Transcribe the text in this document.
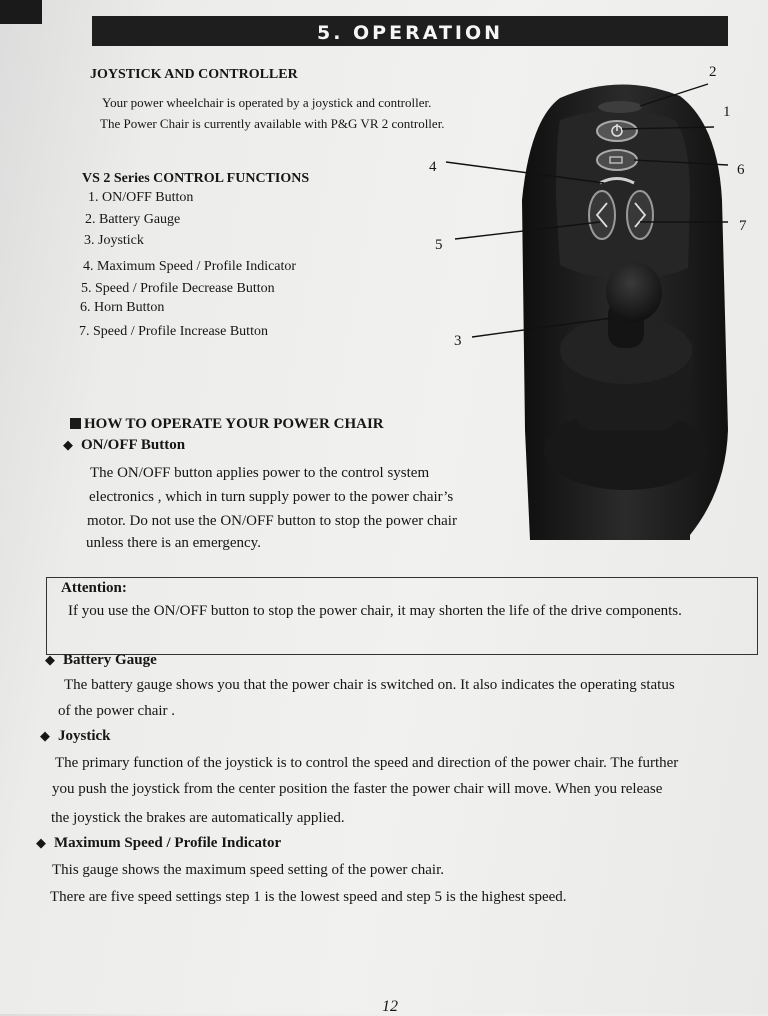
5. OPERATION
JOYSTICK AND CONTROLLER
Your power wheelchair is operated by a joystick and controller.
The Power Chair is currently available with P&G VR 2 controller.
VS 2 Series CONTROL FUNCTIONS
1. ON/OFF Button
2. Battery Gauge
3. Joystick
4. Maximum Speed / Profile Indicator
5. Speed / Profile Decrease Button
6. Horn Button
7. Speed / Profile Increase Button
1
2
3
4
5
6
7
HOW TO OPERATE YOUR POWER CHAIR
◆ ON/OFF Button
The ON/OFF button applies power to the control system
electronics , which in turn supply power to the power chair’s
motor. Do not use the ON/OFF button to stop the power chair
unless there is an emergency.
Attention:
If you use the ON/OFF button to stop the power chair, it may shorten the life of the drive components.
◆ Battery Gauge
The battery gauge shows you that the power chair is switched on. It also indicates the operating status
of the power chair .
◆ Joystick
The primary function of the joystick is to control the speed and direction of the power chair. The further
you push the joystick from the center position the faster the power chair will move. When you release
the joystick the brakes are automatically applied.
◆ Maximum Speed / Profile Indicator
This gauge shows the maximum speed setting of the power chair.
There are five speed settings step 1 is the lowest speed and step 5 is the highest speed.
12
